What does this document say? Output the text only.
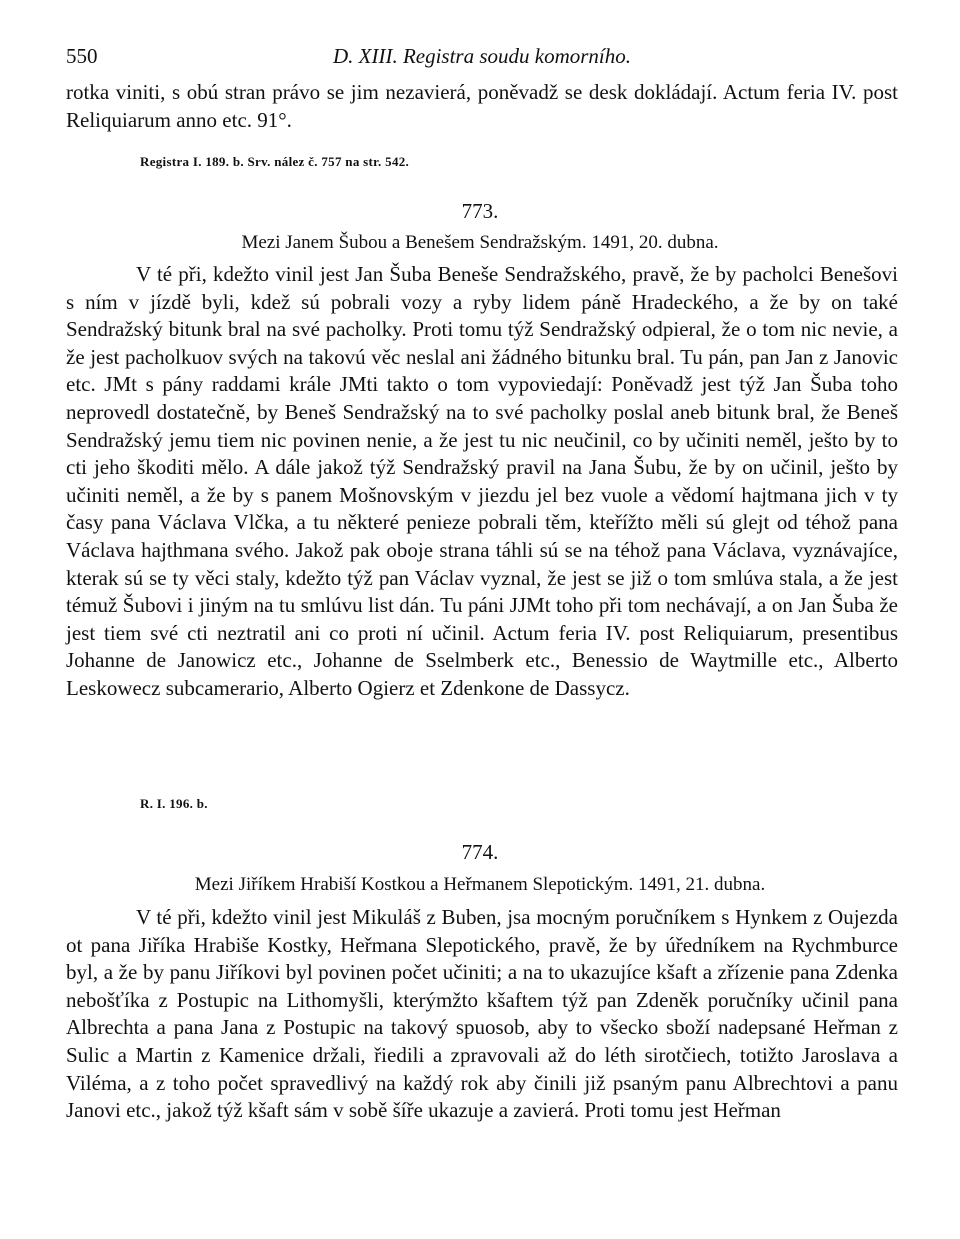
550	D. XIII. Registra soudu komorního.

rotka viniti, s obú stran právo se jim nezavierá, poněvadž se desk dokládají. Actum feria IV. post Reliquiarum anno etc. 91°.

Registra I. 189. b. Srv. nález č. 757 na str. 542.
773.
Mezi Janem Šubou a Benešem Sendražským. 1491, 20. dubna.

V té při, kdežto vinil jest Jan Šuba Beneše Sendražského, pravě, že by pacholci Benešovi s ním v jízdě byli, kdež sú pobrali vozy a ryby lidem páně Hradeckého, a že by on také Sendražský bitunk bral na své pacholky. Proti tomu týž Sendražský odpieral, že o tom nic nevie, a že jest pacholkuov svých na takovú věc neslal ani žádného bitunku bral. Tu pán, pan Jan z Janovic etc. JMt s pány raddami krále JMti takto o tom vypoviedají: Poněvadž jest týž Jan Šuba toho neprovedl dostatečně, by Beneš Sendražský na to své pacholky poslal aneb bitunk bral, že Beneš Sendražský jemu tiem nic povinen nenie, a že jest tu nic neučinil, co by učiniti neměl, ješto by to cti jeho škoditi mělo. A dále jakož týž Sendražský pravil na Jana Šubu, že by on učinil, ješto by učiniti neměl, a že by s panem Mošnovským v jiezdu jel bez vuole a vědomí hajtmana jich v ty časy pana Václava Vlčka, a tu některé penieze pobrali těm, kteřížto měli sú glejt od téhož pana Václava hajthmana svého. Jakož pak oboje strana táhli sú se na téhož pana Václava, vyznávajíce, kterak sú se ty věci staly, kdežto týž pan Václav vyznal, že jest se již o tom smlúva stala, a že jest témuž Šubovi i jiným na tu smlúvu list dán. Tu páni JJMt toho při tom nechávají, a on Jan Šuba že jest tiem své cti neztratil ani co proti ní učinil. Actum feria IV. post Reliquiarum, presentibus Johanne de Janowicz etc., Johanne de Sselmberk etc., Benessio de Waytmille etc., Alberto Leskowecz subcamerario, Alberto Ogierz et Zdenkone de Dassycz.

R. I. 196. b.
774.
Mezi Jiříkem Hrabiší Kostkou a Heřmanem Slepotickým. 1491, 21. dubna.

V té při, kdežto vinil jest Mikuláš z Buben, jsa mocným poručníkem s Hynkem z Oujezda ot pana Jiříka Hrabiše Kostky, Heřmana Slepotického, pravě, že by úředníkem na Rychmburce byl, a že by panu Jiříkovi byl povinen počet učiniti; a na to ukazujíce kšaft a zřízenie pana Zdenka nebošťíka z Postupic na Lithomyšli, kterýmžto kšaftem týž pan Zdeněk poručníky učinil pana Albrechta a pana Jana z Postupic na takový spuosob, aby to všecko sboží nadepsané Heřman z Sulic a Martin z Kamenice držali, řiedili a zpravovali až do léth sirotčiech, totižto Jaroslava a Viléma, a z toho počet spravedlivý na každý rok aby činili již psaným panu Albrechtovi a panu Janovi etc., jakož týž kšaft sám v sobě šíře ukazuje a zavierá. Proti tomu jest Heřman
